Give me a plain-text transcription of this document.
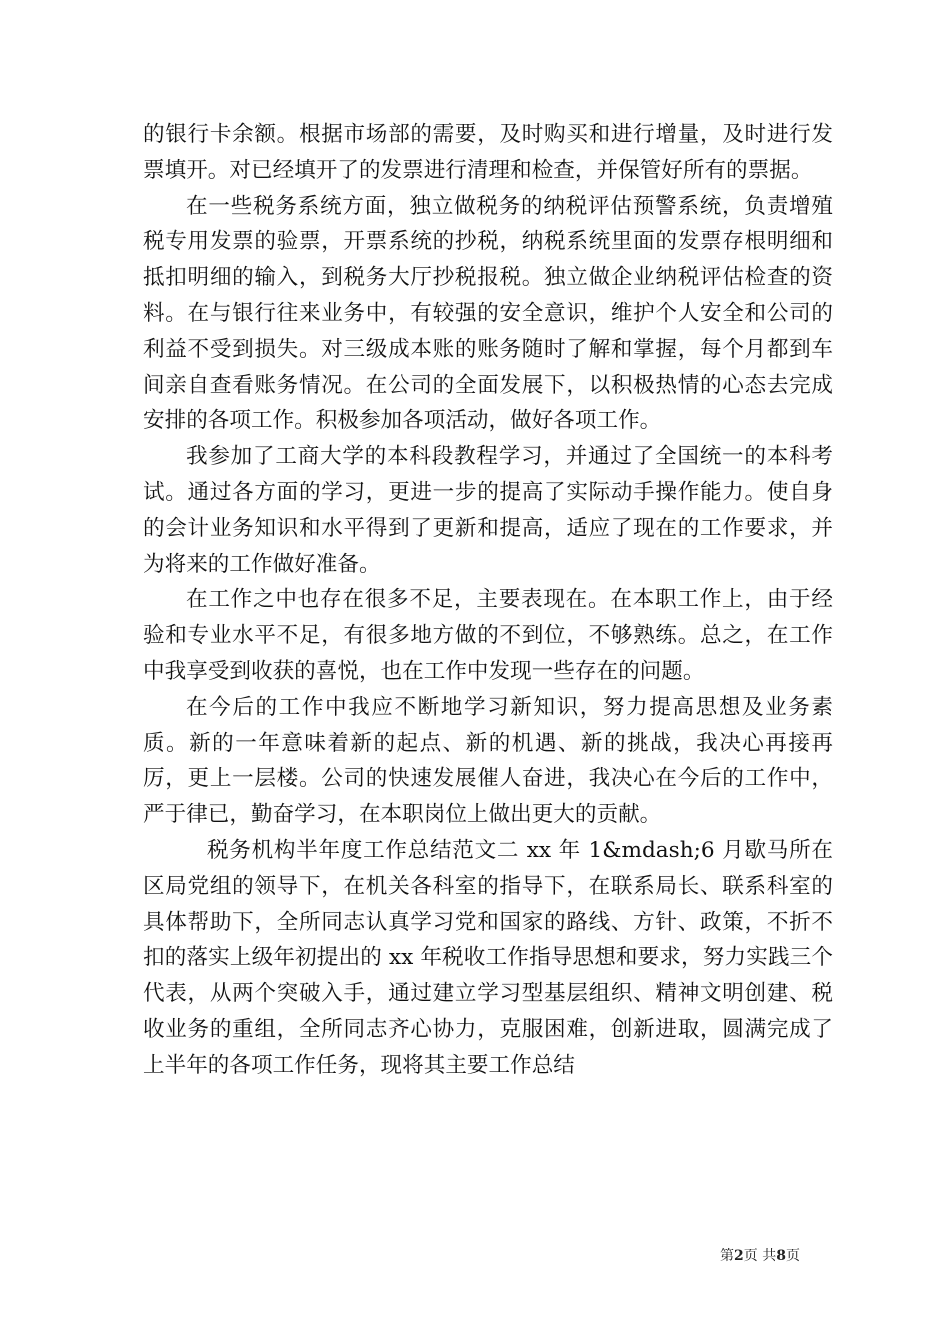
的银行卡余额。根据市场部的需要，及时购买和进行增量，及时进行发票填开。对已经填开了的发票进行清理和检查，并保管好所有的票据。

在一些税务系统方面，独立做税务的纳税评估预警系统，负责增殖税专用发票的验票，开票系统的抄税，纳税系统里面的发票存根明细和抵扣明细的输入，到税务大厅抄税报税。独立做企业纳税评估检查的资料。在与银行往来业务中，有较强的安全意识，维护个人安全和公司的利益不受到损失。对三级成本账的账务随时了解和掌握，每个月都到车间亲自查看账务情况。在公司的全面发展下，以积极热情的心态去完成安排的各项工作。积极参加各项活动，做好各项工作。

我参加了工商大学的本科段教程学习，并通过了全国统一的本科考试。通过各方面的学习，更进一步的提高了实际动手操作能力。使自身的会计业务知识和水平得到了更新和提高，适应了现在的工作要求，并为将来的工作做好准备。

在工作之中也存在很多不足，主要表现在。在本职工作上，由于经验和专业水平不足，有很多地方做的不到位，不够熟练。总之，在工作中我享受到收获的喜悦，也在工作中发现一些存在的问题。

在今后的工作中我应不断地学习新知识，努力提高思想及业务素质。新的一年意味着新的起点、新的机遇、新的挑战，我决心再接再厉，更上一层楼。公司的快速发展催人奋进，我决心在今后的工作中，严于律已，勤奋学习，在本职岗位上做出更大的贡献。

税务机构半年度工作总结范文二 xx 年 1&mdash;6 月歇马所在区局党组的领导下，在机关各科室的指导下，在联系局长、联系科室的具体帮助下，全所同志认真学习党和国家的路线、方针、政策，不折不扣的落实上级年初提出的 xx 年税收工作指导思想和要求，努力实践三个代表，从两个突破入手，通过建立学习型基层组织、精神文明创建、税收业务的重组，全所同志齐心协力，克服困难，创新进取，圆满完成了上半年的各项工作任务，现将其主要工作总结

第2页 共8页
